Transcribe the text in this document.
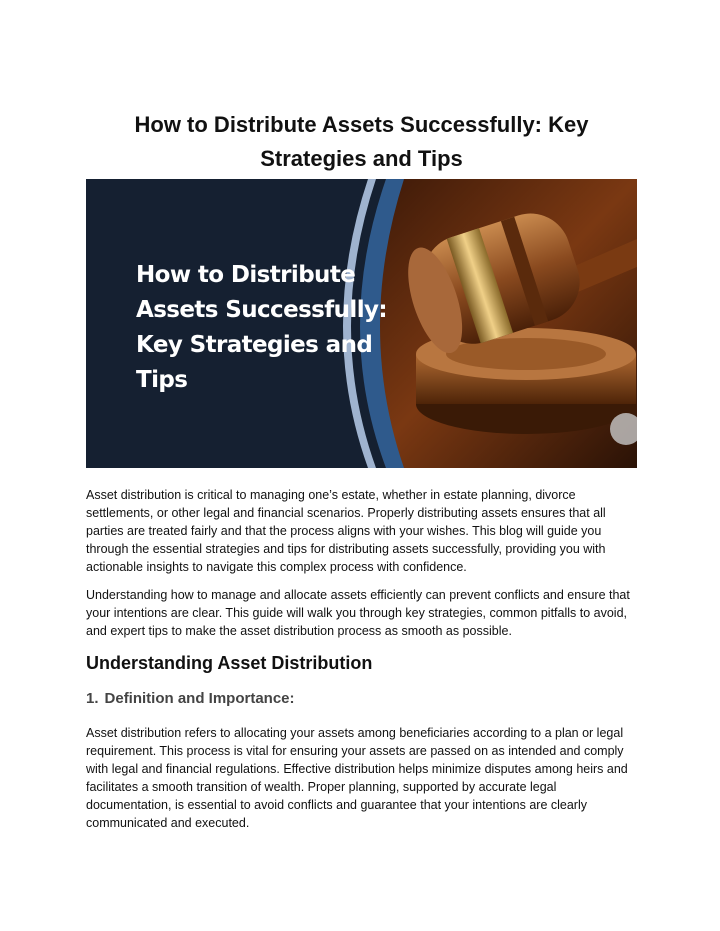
How to Distribute Assets Successfully: Key Strategies and Tips
How to Distribute Assets Successfully: Key Strategies and Tips

Asset distribution is critical to managing one’s estate, whether in estate planning, divorce settlements, or other legal and financial scenarios. Properly distributing assets ensures that all parties are treated fairly and that the process aligns with your wishes. This blog will guide you through the essential strategies and tips for distributing assets successfully, providing you with actionable insights to navigate this complex process with confidence.

Understanding how to manage and allocate assets efficiently can prevent conflicts and ensure that your intentions are clear. This guide will walk you through key strategies, common pitfalls to avoid, and expert tips to make the asset distribution process as smooth as possible.

Understanding Asset Distribution
1. Definition and Importance:

Asset distribution refers to allocating your assets among beneficiaries according to a plan or legal requirement. This process is vital for ensuring your assets are passed on as intended and comply with legal and financial regulations. Effective distribution helps minimize disputes among heirs and facilitates a smooth transition of wealth. Proper planning, supported by accurate legal documentation, is essential to avoid conflicts and guarantee that your intentions are clearly communicated and executed.
